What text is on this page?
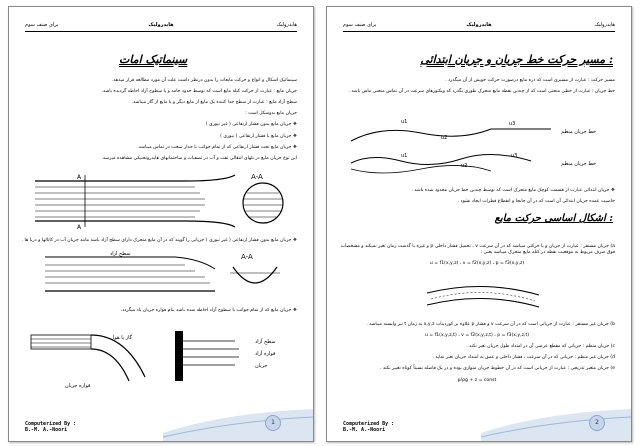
هایدرولیک
هایدرولیک
برای صنف سوم
سینماتیک امات

سینماتیک اشکال و انواع و حرکت مایعات را بدون درنظر داشت علت آن مورد مطالعه قرار میدهد.

جریان مایع : عبارت از حرکت کتله مایع است که توسط حدود جامد و یا سطوح آزاد احاطه گردیده باشد.

سطح آزاد مایع : عبارت از سطح جدا کننده یک مایع از مایع دیگر و یا مایع از گاز میباشد.

جریان مایع بدوشکل است :

❖ جریان مایع بدون فشار ارتفاعی ( غیر نیوری )

❖ جریان مایع با فشار ارتفاعی ( نیوری )

❖ جریان مایع تحت فشار ارتفاعی که از تمام جوانب با جدار سخت در تماس میباشد.

این نوع جریان مایع در نلهای انتقالی نفت و آب در تصفیات و ساختمانهای هایدروتخنیکی مشاهده میرسد.

A
A
A-A

❖ جریان مایع بدون فشار ارتفاعی ( غیر نیوری ) جریانی را گویند که در آن مایع متحرک دارای سطح آزاد باشد مانند جریان آب در کانالها و دریا ها .

سطح آزاد	A-A

❖ جریان مایع که از تمام جوانب با سطوح آزاد احاطه شده باشد بنام فواره جریان یاد میگردد.

گاز یا هوا
فواره جریان
سطح آزاد
فواره آزاد
جریان
Computerized By :
B.-M. A.-Noori
1
هایدرولیک
هایدرولیک
برای صنف سوم
مسیر حرکت خط جریان و جریان ابتدائی :

مسیر حرکت : عبارت از مسیری است که ذره مایع درصورت حرکت خویش از آن میگذرد .

خط جریان : عبارت از خطی منحنی است که از چندین نقطه مایع متحرک طوری بگذرد که ویکتورهای سرعت در آن تماس منحنی ماس باشد .

u1
u2
u3
خط جریان منظم
u1
u2
u3
خط جریان منظم

❖ جریان ابتدائی عبارت از قسمت کوچک مایع متحرک است که توسط چندین خط جریان محدود شده باشد .

خاصیت عمده جریان ابتدائی آن است که در آن جابجا و انقطاع قطرات ایجاد نشود .

اشکال اساسی حرکت مایع :

a) جریان مستقر : عبارت از جریان و یا حرکتی میباشد که در آن سرعت v ، تحمیل فشار داخلی p و غیره با گذشت زمان تغیر نمیکند و مشخصات فوق صرف مربوط به موقعیت نقطه در کتله مایع متحرک میباشد یعنی :

u = f1(x,y,z) ، v = f2(x,y,z) ، p = f3(x,y,z)

b) جریان غیر مستقر : عبارت از جریانی است که در آن سرعت v و فشار p علاوه بر کوردینات x,y,z به زمان t نیز وابسته میباشد .

u = f1(x,y,z,t) ، v = f2(x,y,z,t) ، p = f3(x,y,z,t)

c) جریان منظم : جریانی که مقطع عرضی آن در امتداد طول جریان تغیر نکند .

d) جریان غیر منظم : جریانی که در آن سرعت ، فشار داخلی و عمق به امتداد جریان تغیر نماید .

e) جریان متغیر تدریجی : عبارت از جریانی است که در آن خطوط جریان متوازی بوده و در یک فاصله نسبتاً کوتاه تغییر نکند .

p/ρg + z = const

Computerized By :
B.-M. A.-Noori
2
